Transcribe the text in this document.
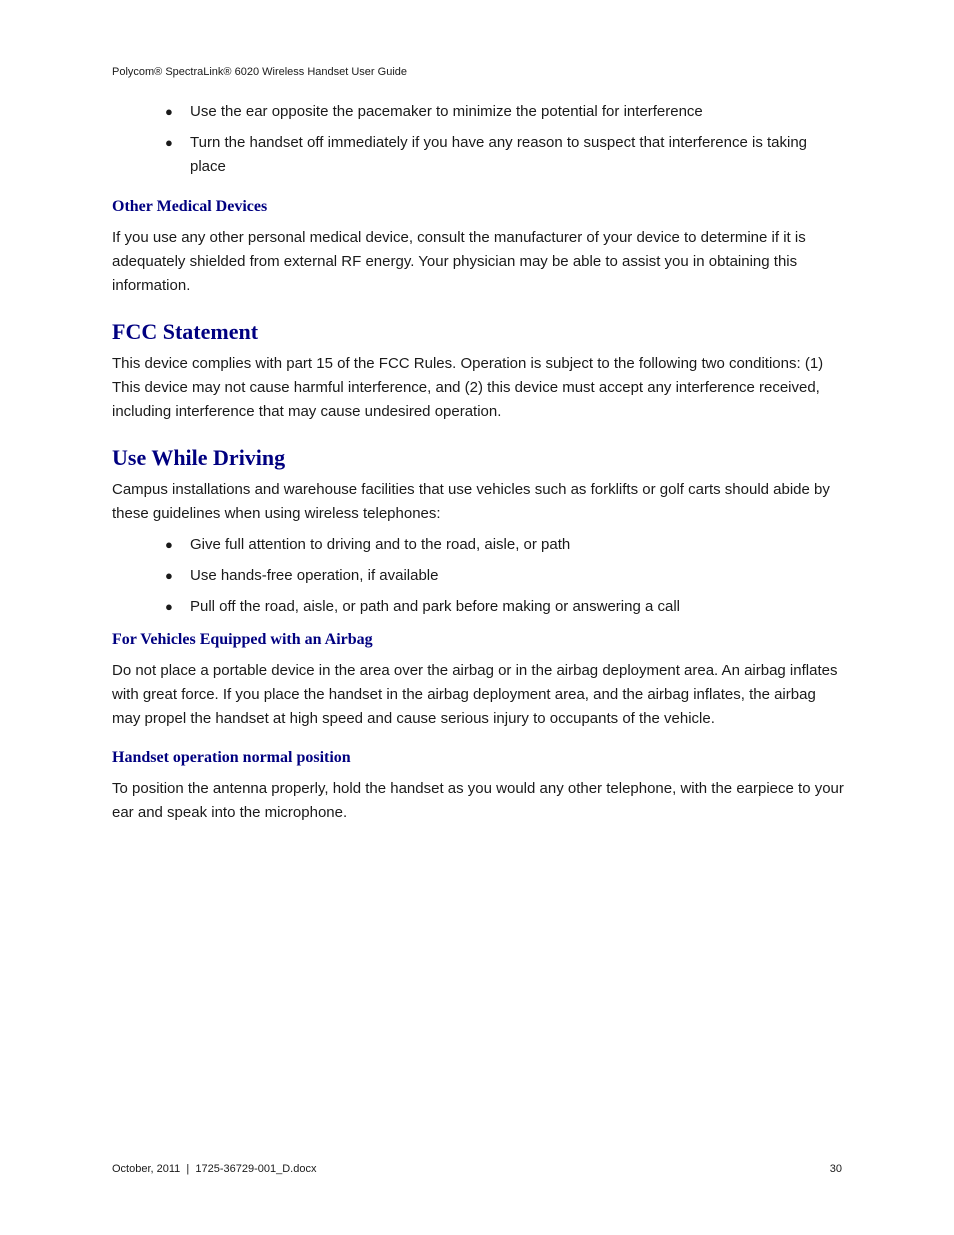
Polycom® SpectraLink® 6020 Wireless Handset User Guide
● Use the ear opposite the pacemaker to minimize the potential for interference
● Turn the handset off immediately if you have any reason to suspect that interference is taking place
Other Medical Devices

If you use any other personal medical device, consult the manufacturer of your device to determine if it is adequately shielded from external RF energy. Your physician may be able to assist you in obtaining this information.

FCC Statement

This device complies with part 15 of the FCC Rules. Operation is subject to the following two conditions: (1) This device may not cause harmful interference, and (2) this device must accept any interference received, including interference that may cause undesired operation.

Use While Driving

Campus installations and warehouse facilities that use vehicles such as forklifts or golf carts should abide by these guidelines when using wireless telephones:

● Give full attention to driving and to the road, aisle, or path
● Use hands-free operation, if available
● Pull off the road, aisle, or path and park before making or answering a call
For Vehicles Equipped with an Airbag

Do not place a portable device in the area over the airbag or in the airbag deployment area. An airbag inflates with great force. If you place the handset in the airbag deployment area, and the airbag inflates, the airbag may propel the handset at high speed and cause serious injury to occupants of the vehicle.

Handset operation normal position

To position the antenna properly, hold the handset as you would any other telephone, with the earpiece to your ear and speak into the microphone.

October, 2011  |  1725-36729-001_D.docx	30
